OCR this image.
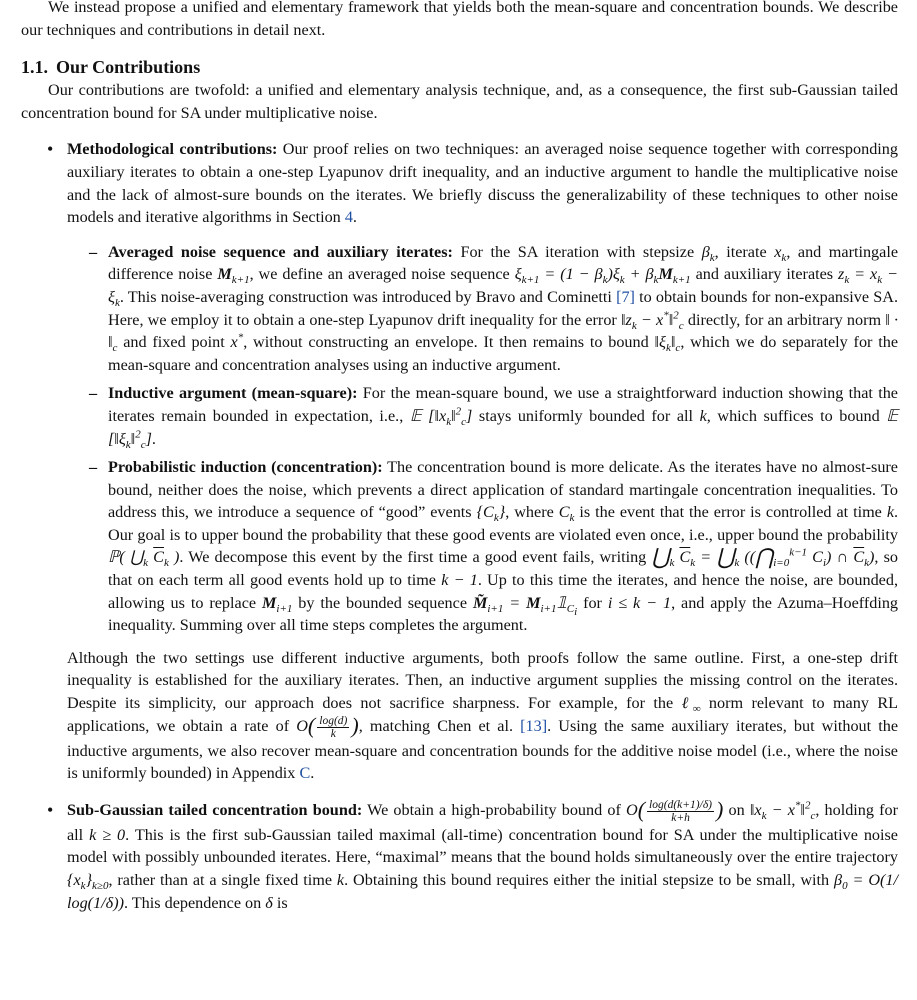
We instead propose a unified and elementary framework that yields both the mean-square and concentration bounds. We describe our techniques and contributions in detail next.

1.1. Our Contributions

Our contributions are twofold: a unified and elementary analysis technique, and, as a consequence, the first sub-Gaussian tailed concentration bound for SA under multiplicative noise.

• Methodological contributions: Our proof relies on two techniques: an averaged noise sequence together with corresponding auxiliary iterates to obtain a one-step Lyapunov drift inequality, and an inductive argument to handle the multiplicative noise and the lack of almost-sure bounds on the iterates. We briefly discuss the generalizability of these techniques to other noise models and iterative algorithms in Section 4.

– Averaged noise sequence and auxiliary iterates: For the SA iteration with stepsize $\beta_k$, iterate $x_k$, and martingale difference noise $M_{k+1}$, we define an averaged noise sequence $\xi_{k+1} = (1 - \beta_k)\xi_k + \beta_kM_{k+1}$ and auxiliary iterates $z_k = x_k - \xi_k$. This noise-averaging construction was introduced by Bravo and Cominetti [7] to obtain bounds for non-expansive SA. Here, we employ it to obtain a one-step Lyapunov drift inequality for the error $‖z_k$ − x*‖$^2_c$ directly, for an arbitrary norm ‖ · $‖_c$ and fixed point x*, without constructing an envelope. It then remains to bound $‖\xi_k‖_c$, which we do separately for the mean-square and concentration analyses using an inductive argument.

– Inductive argument (mean-square): For the mean-square bound, we use a straightforward induction showing that the iterates remain bounded in expectation, i.e., 𝔼 $[‖x_k‖^2_c]$ stays uniformly bounded for all k, which suffices to bound 𝔼 $[‖\xi_k‖^2_c]$.

– Probabilistic induction (concentration): The concentration bound is more delicate. As the iterates have no almost-sure bound, neither does the noise, which prevents a direct application of standard martingale concentration inequalities. To address this, we introduce a sequence of “good” events $\{C_k\}$, where $C_k$ is the event that the error is controlled at time k. Our goal is to upper bound the probability that these good events are violated even once, i.e., upper bound the probability ℙ( $⋃_k$ $\overline{C}_k$ ). We decompose this event by the first time a good event fails, writing $⋃_k$ $\overline{C}_k$ = $⋃_k$ (($⋂_{i=0}^{k-1}$ $C_i$) ∩ $\overline{C}_k$), so that on each term all good events hold up to time k − 1. Up to this time the iterates, and hence the noise, are bounded, allowing us to replace $M_{i+1}$ by the bounded sequence $M̃_{i+1}$ = $M_{i+1}𝟙_{C_i}$ for i ≤ k − 1, and apply the Azuma–Hoeffding inequality. Summing over all time steps completes the argument.

Although the two settings use different inductive arguments, both proofs follow the same outline. First, a one-step drift inequality is established for the auxiliary iterates. Then, an inductive argument supplies the missing control on the iterates. Despite its simplicity, our approach does not sacrifice sharpness. For example, for the ℓ$_\infty$ norm relevant to many RL applications, we obtain a rate of $O( \frac{\log(d)}{k}$ ), matching Chen et al. [13]. Using the same auxiliary iterates, but without the inductive arguments, we also recover mean-square and concentration bounds for the additive noise model (i.e., where the noise is uniformly bounded) in Appendix C.

• Sub-Gaussian tailed concentration bound: We obtain a high-probability bound of $O( \frac{\log(d(k+1)/\delta)}{k+h}$ ) on $‖x_k$ − x*‖$^2_c$, holding for all k ≥ 0. This is the first sub-Gaussian tailed maximal (all-time) concentration bound for SA under the multiplicative noise model with possibly unbounded iterates. Here, “maximal” means that the bound holds simultaneously over the entire trajectory $\{x_k\}_{k\ge 0}$, rather than at a single fixed time k. Obtaining this bound requires either the initial stepsize to be small, with $\beta_0 = O(1/$ log(1/δ)). This dependence on δ is
